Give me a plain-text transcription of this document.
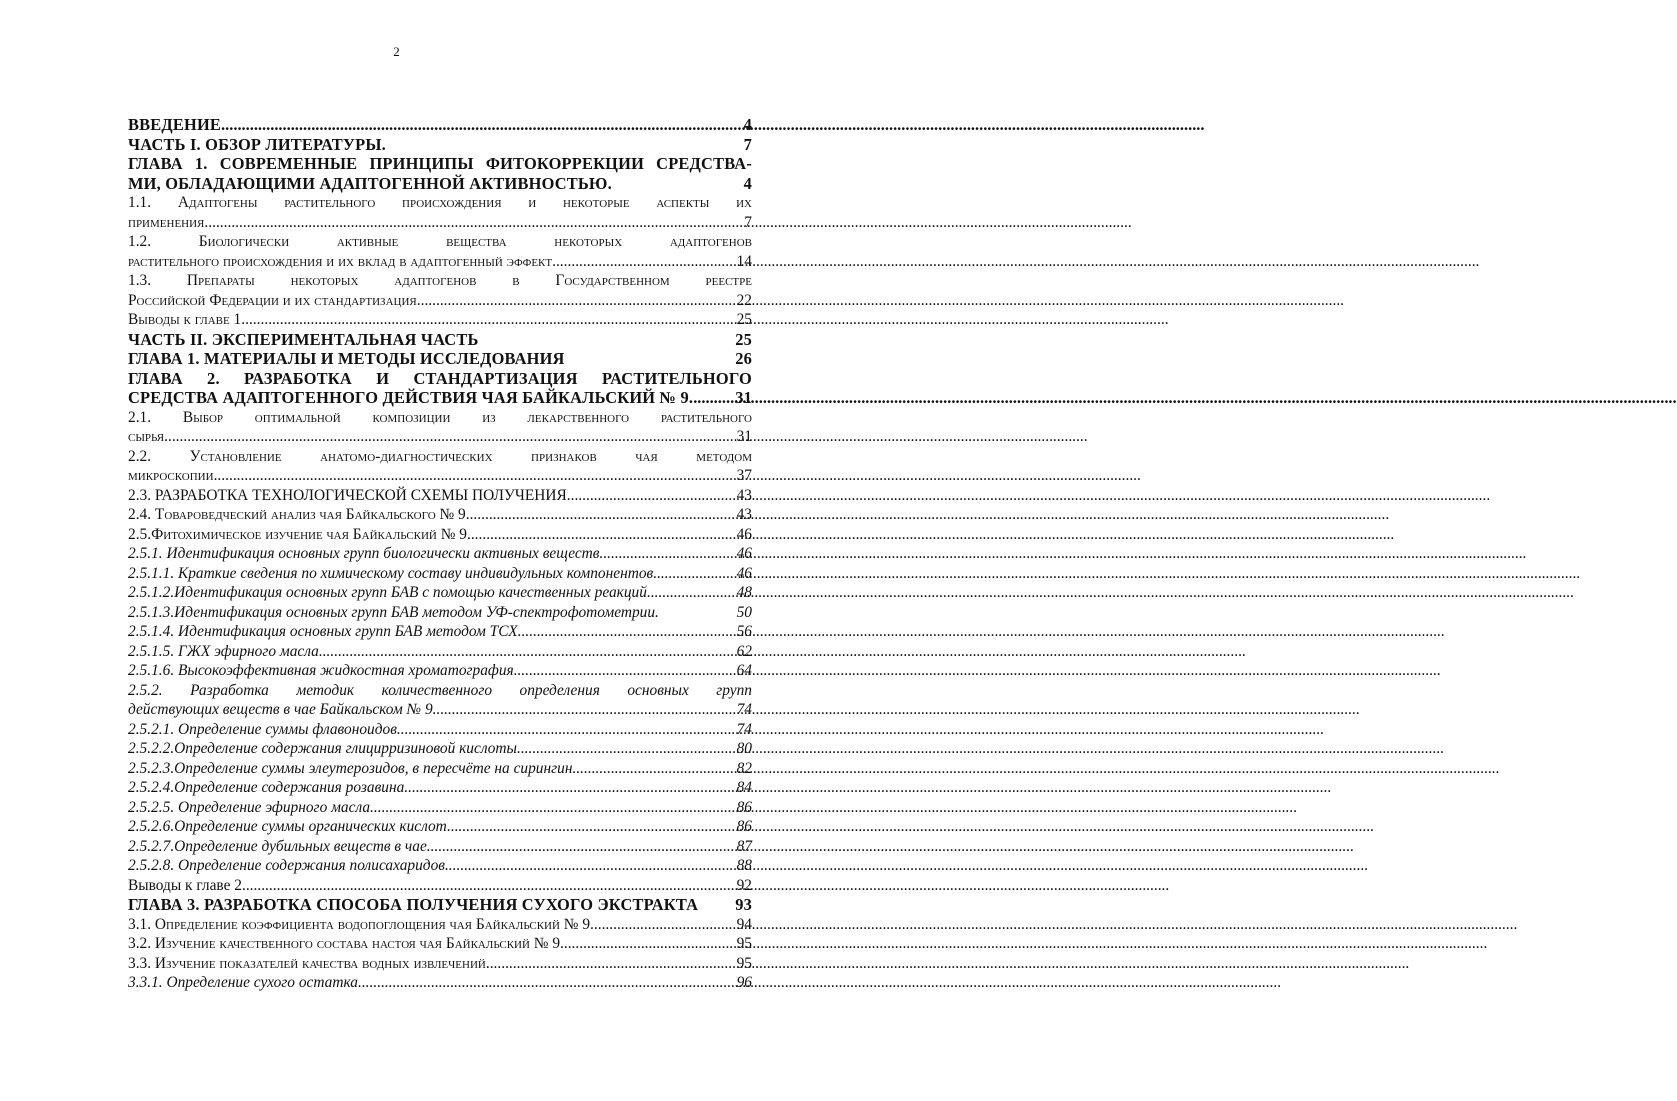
2
ВВЕДЕНИЕ .....	4
ЧАСТЬ I. ОБЗОР ЛИТЕРАТУРЫ.	7
ГЛАВА 1. СОВРЕМЕННЫЕ ПРИНЦИПЫ ФИТОКОРРЕКЦИИ СРЕДСТВА-
МИ, ОБЛАДАЮЩИМИ АДАПТОГЕННОЙ АКТИВНОСТЬЮ.	4
1.1. Адаптогены растительного происхождения и некоторые аспекты их
применения. .....	7
1.2. Биологически активные вещества некоторых адаптогенов
растительного происхождения и их вклад в адаптогенный эффект. .....	14
1.3. Препараты некоторых адаптогенов в Государственном реестре
Российской Федерации и их стандартизация. .....	22
Выводы к главе 1. .....	25
ЧАСТЬ II. ЭКСПЕРИМЕНТАЛЬНАЯ ЧАСТЬ	25
ГЛАВА 1. МАТЕРИАЛЫ И МЕТОДЫ ИССЛЕДОВАНИЯ	26
ГЛАВА 2. РАЗРАБОТКА И СТАНДАРТИЗАЦИЯ РАСТИТЕЛЬНОГО
СРЕДСТВА АДАПТОГЕННОГО ДЕЙСТВИЯ ЧАЯ БАЙКАЛЬСКИЙ № 9. .....	31
2.1. Выбор оптимальной композиции из лекарственного растительного
сырья .....	31
2.2. Установление анатомо-диагностических признаков чая методом
микроскопии. .....	37
2.3. РАЗРАБОТКА ТЕХНОЛОГИЧЕСКОЙ СХЕМЫ ПОЛУЧЕНИЯ .....	43
2.4. Товароведческий анализ чая Байкальского № 9 .....	43
2.5.Фитохимическое изучение чая Байкальский № 9. .....	46
2.5.1. Идентификация основных групп биологически активных веществ. .....	46
2.5.1.1. Краткие сведения по химическому составу индивидульных компонентов. .....	46
2.5.1.2.Идентификация основных групп БАВ с помощью качественных реакций. .....	48
2.5.1.3.Идентификация основных групп БАВ методом УФ-спектрофотометрии.	50
2.5.1.4. Идентификация основных групп БАВ методом ТСХ. .....	56
2.5.1.5. ГЖХ эфирного масла. .....	62
2.5.1.6. Высокоэффективная жидкостная хроматография. .....	64
2.5.2. Разработка методик количественного определения основных групп
действующих веществ в чае Байкальском № 9. .....	74
2.5.2.1. Определение суммы флавоноидов. .....	74
2.5.2.2.Определение содержания глицирризиновой кислоты. .....	80
2.5.2.3.Определение суммы элеутерозидов, в пересчёте на сирингин. .....	82
2.5.2.4.Определение содержания розавина. .....	84
2.5.2.5. Определение эфирного масла. .....	86
2.5.2.6.Определение суммы органических кислот. .....	86
2.5.2.7.Определение дубильных веществ в чае. .....	87
2.5.2.8. Определение содержания полисахаридов .....	88
Выводы к главе 2. .....	92
ГЛАВА 3. РАЗРАБОТКА СПОСОБА ПОЛУЧЕНИЯ СУХОГО ЭКСТРАКТА 93
3.1. Определение коэффициента водопоглощения чая Байкальский № 9. .....	94
3.2. Изучение качественного состава настоя чая Байкальский № 9. .....	95
3.3. Изучение показателей качества водных извлечений .....	95
3.3.1. Определение сухого остатка .....	96
